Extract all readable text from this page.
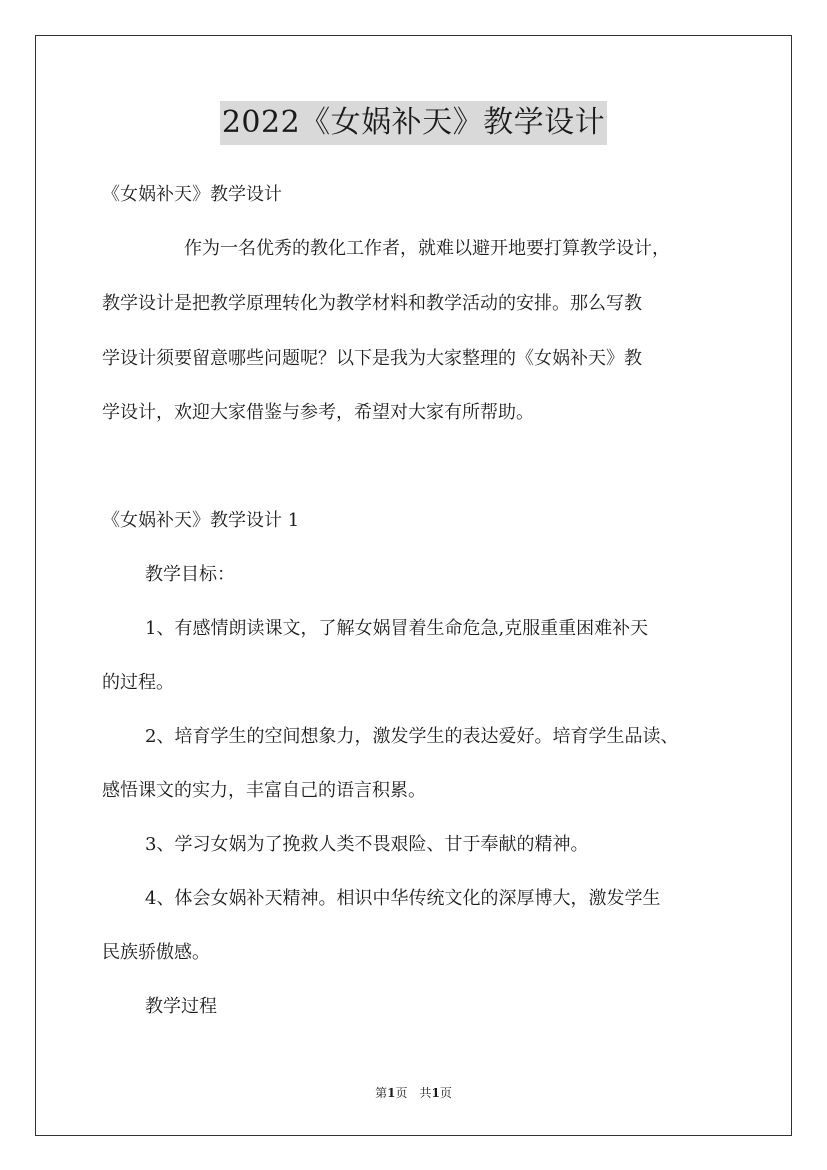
2022《女娲补天》教学设计
《女娲补天》教学设计
作为一名优秀的教化工作者，就难以避开地要打算教学设计，
教学设计是把教学原理转化为教学材料和教学活动的安排。那么写教
学设计须要留意哪些问题呢？以下是我为大家整理的《女娲补天》教
学设计，欢迎大家借鉴与参考，希望对大家有所帮助。
《女娲补天》教学设计 1
教学目标：
1、有感情朗读课文，了解女娲冒着生命危急,克服重重困难补天
的过程。
2、培育学生的空间想象力，激发学生的表达爱好。培育学生品读、
感悟课文的实力，丰富自己的语言积累。
3、学习女娲为了挽救人类不畏艰险、甘于奉献的精神。
4、体会女娲补天精神。相识中华传统文化的深厚博大，激发学生
民族骄傲感。
教学过程
第1页　共1页
